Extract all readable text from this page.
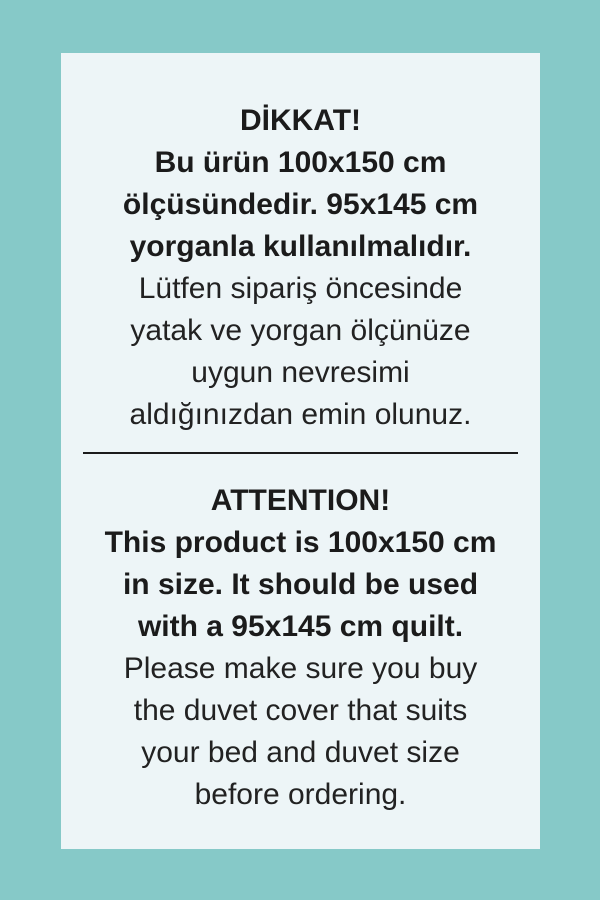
DİKKAT!
Bu ürün 100x150 cm
ölçüsündedir. 95x145 cm
yorganla kullanılmalıdır.
Lütfen sipariş öncesinde
yatak ve yorgan ölçünüze
uygun nevresimi
aldığınızdan emin olunuz.
ATTENTION!
This product is 100x150 cm
in size. It should be used
with a 95x145 cm quilt.
Please make sure you buy
the duvet cover that suits
your bed and duvet size
before ordering.
